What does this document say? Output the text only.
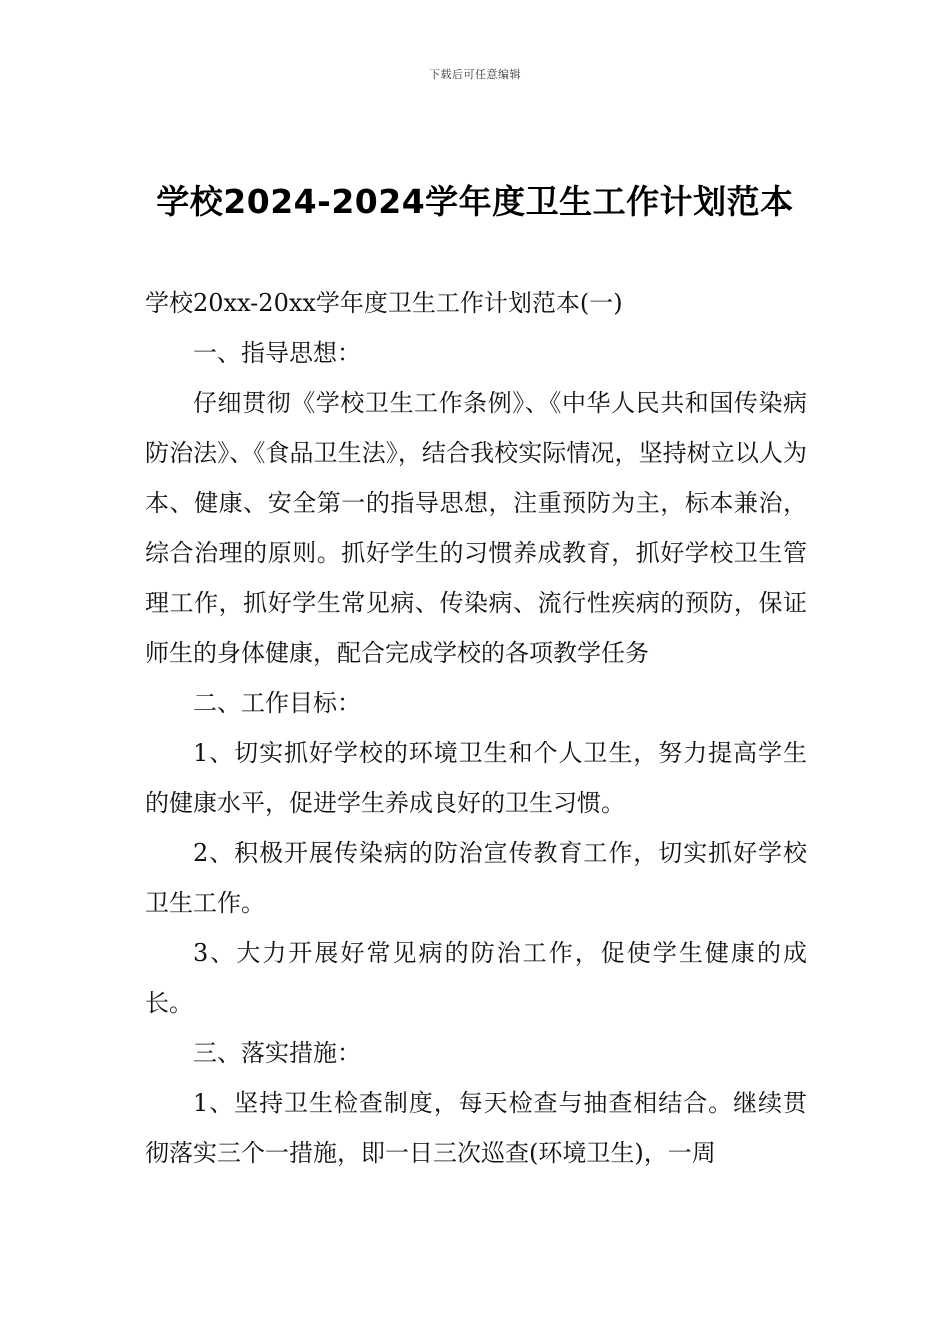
下载后可任意编辑
学校2024-2024学年度卫生工作计划范本

学校20xx-20xx学年度卫生工作计划范本(一)

一、指导思想：

仔细贯彻《学校卫生工作条例》、《中华人民共和国传染病防治法》、《食品卫生法》，结合我校实际情况，坚持树立以人为本、健康、安全第一的指导思想，注重预防为主，标本兼治，综合治理的原则。抓好学生的习惯养成教育，抓好学校卫生管理工作，抓好学生常见病、传染病、流行性疾病的预防，保证师生的身体健康，配合完成学校的各项教学任务

二、工作目标：

1、切实抓好学校的环境卫生和个人卫生，努力提高学生的健康水平，促进学生养成良好的卫生习惯。

2、积极开展传染病的防治宣传教育工作，切实抓好学校卫生工作。

3、大力开展好常见病的防治工作，促使学生健康的成长。

三、落实措施：

1、坚持卫生检查制度，每天检查与抽查相结合。继续贯彻落实三个一措施，即一日三次巡查(环境卫生)，一周
